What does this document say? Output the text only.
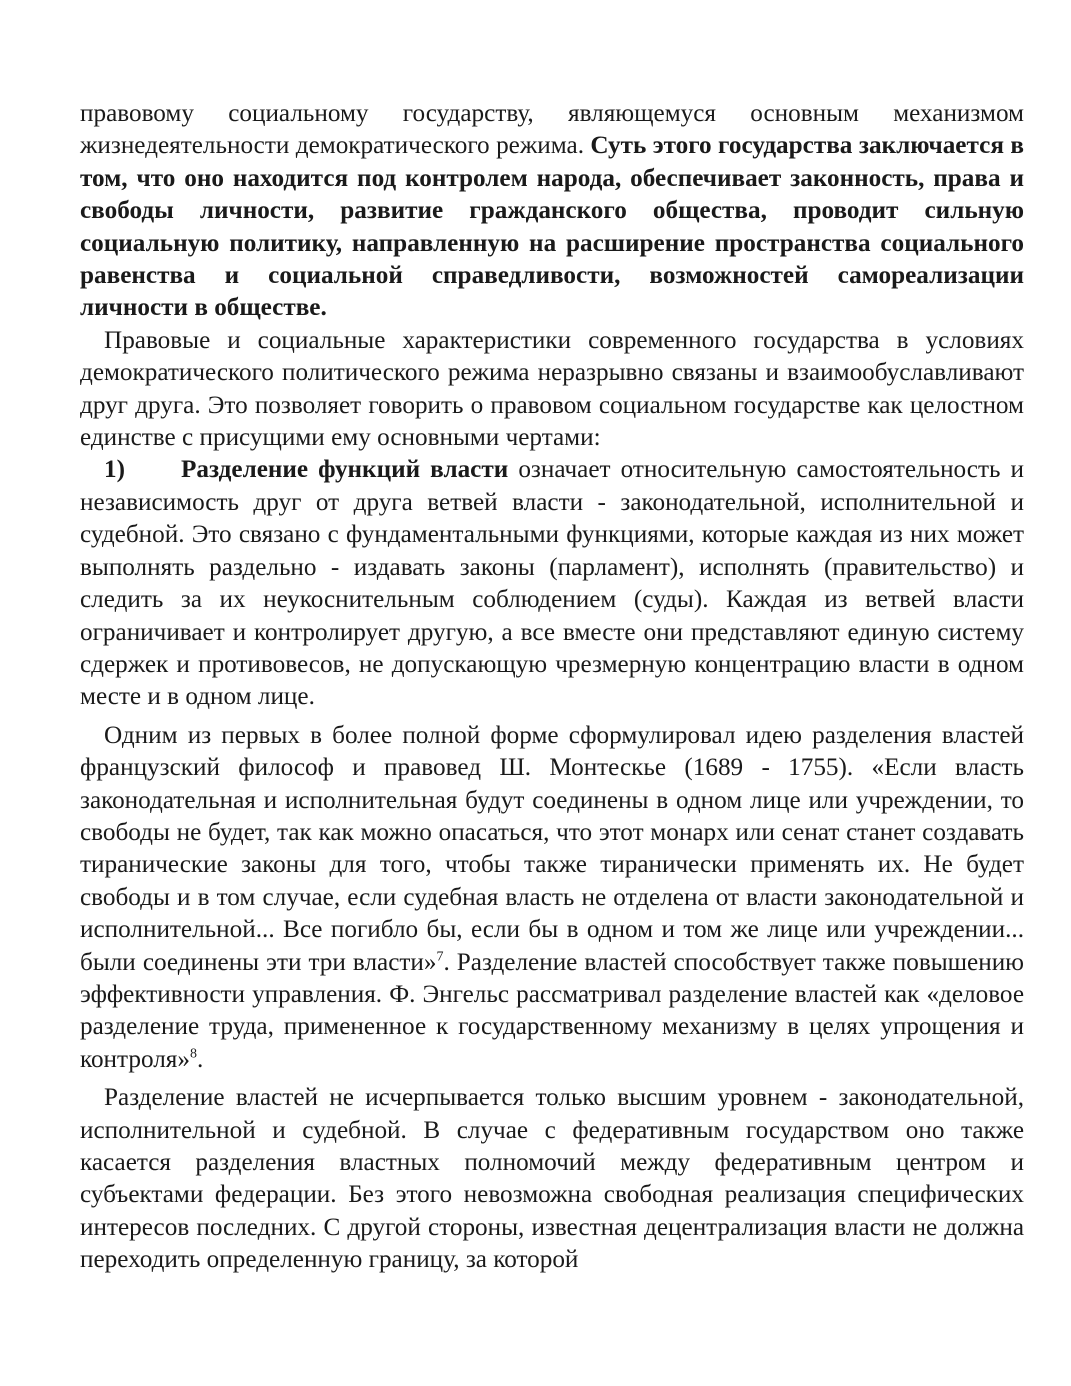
правовому социальному государству, являющемуся основным механизмом жизнедеятельности демократического режима. Суть этого государства заключается в том, что оно находится под контролем народа, обеспечивает законность, права и свободы личности, развитие гражданского общества, проводит сильную социальную политику, направленную на расширение пространства социального равенства и социальной справедливости, возможностей самореализации личности в обществе.

Правовые и социальные характеристики современного государства в условиях демократического политического режима неразрывно связаны и взаимообуславливают друг друга. Это позволяет говорить о правовом социальном государстве как целостном единстве с присущими ему основными чертами:

1) Разделение функций власти означает относительную самостоятельность и независимость друг от друга ветвей власти - законодательной, исполнительной и судебной. Это связано с фундаментальными функциями, которые каждая из них может выполнять раздельно - издавать законы (парламент), исполнять (правительство) и следить за их неукоснительным соблюдением (суды). Каждая из ветвей власти ограничивает и контролирует другую, а все вместе они представляют единую систему сдержек и противовесов, не допускающую чрезмерную концентрацию власти в одном месте и в одном лице.

Одним из первых в более полной форме сформулировал идею разделения властей французский философ и правовед Ш. Монтескье (1689 - 1755). «Если власть законодательная и исполнительная будут соединены в одном лице или учреждении, то свободы не будет, так как можно опасаться, что этот монарх или сенат станет создавать тиранические законы для того, чтобы также тиранически применять их. Не будет свободы и в том случае, если судебная власть не отделена от власти законодательной и исполнительной... Все погибло бы, если бы в одном и том же лице или учреждении... были соединены эти три власти»$^7$. Разделение властей способствует также повышению эффективности управления. Ф. Энгельс рассматривал разделение властей как «деловое разделение труда, примененное к государственному механизму в целях упрощения и контроля»$^8$.

Разделение властей не исчерпывается только высшим уровнем - законодательной, исполнительной и судебной. В случае с федеративным государством оно также касается разделения властных полномочий между федеративным центром и субъектами федерации. Без этого невозможна свободная реализация специфических интересов последних. С другой стороны, известная децентрализация власти не должна переходить определенную границу, за которой
